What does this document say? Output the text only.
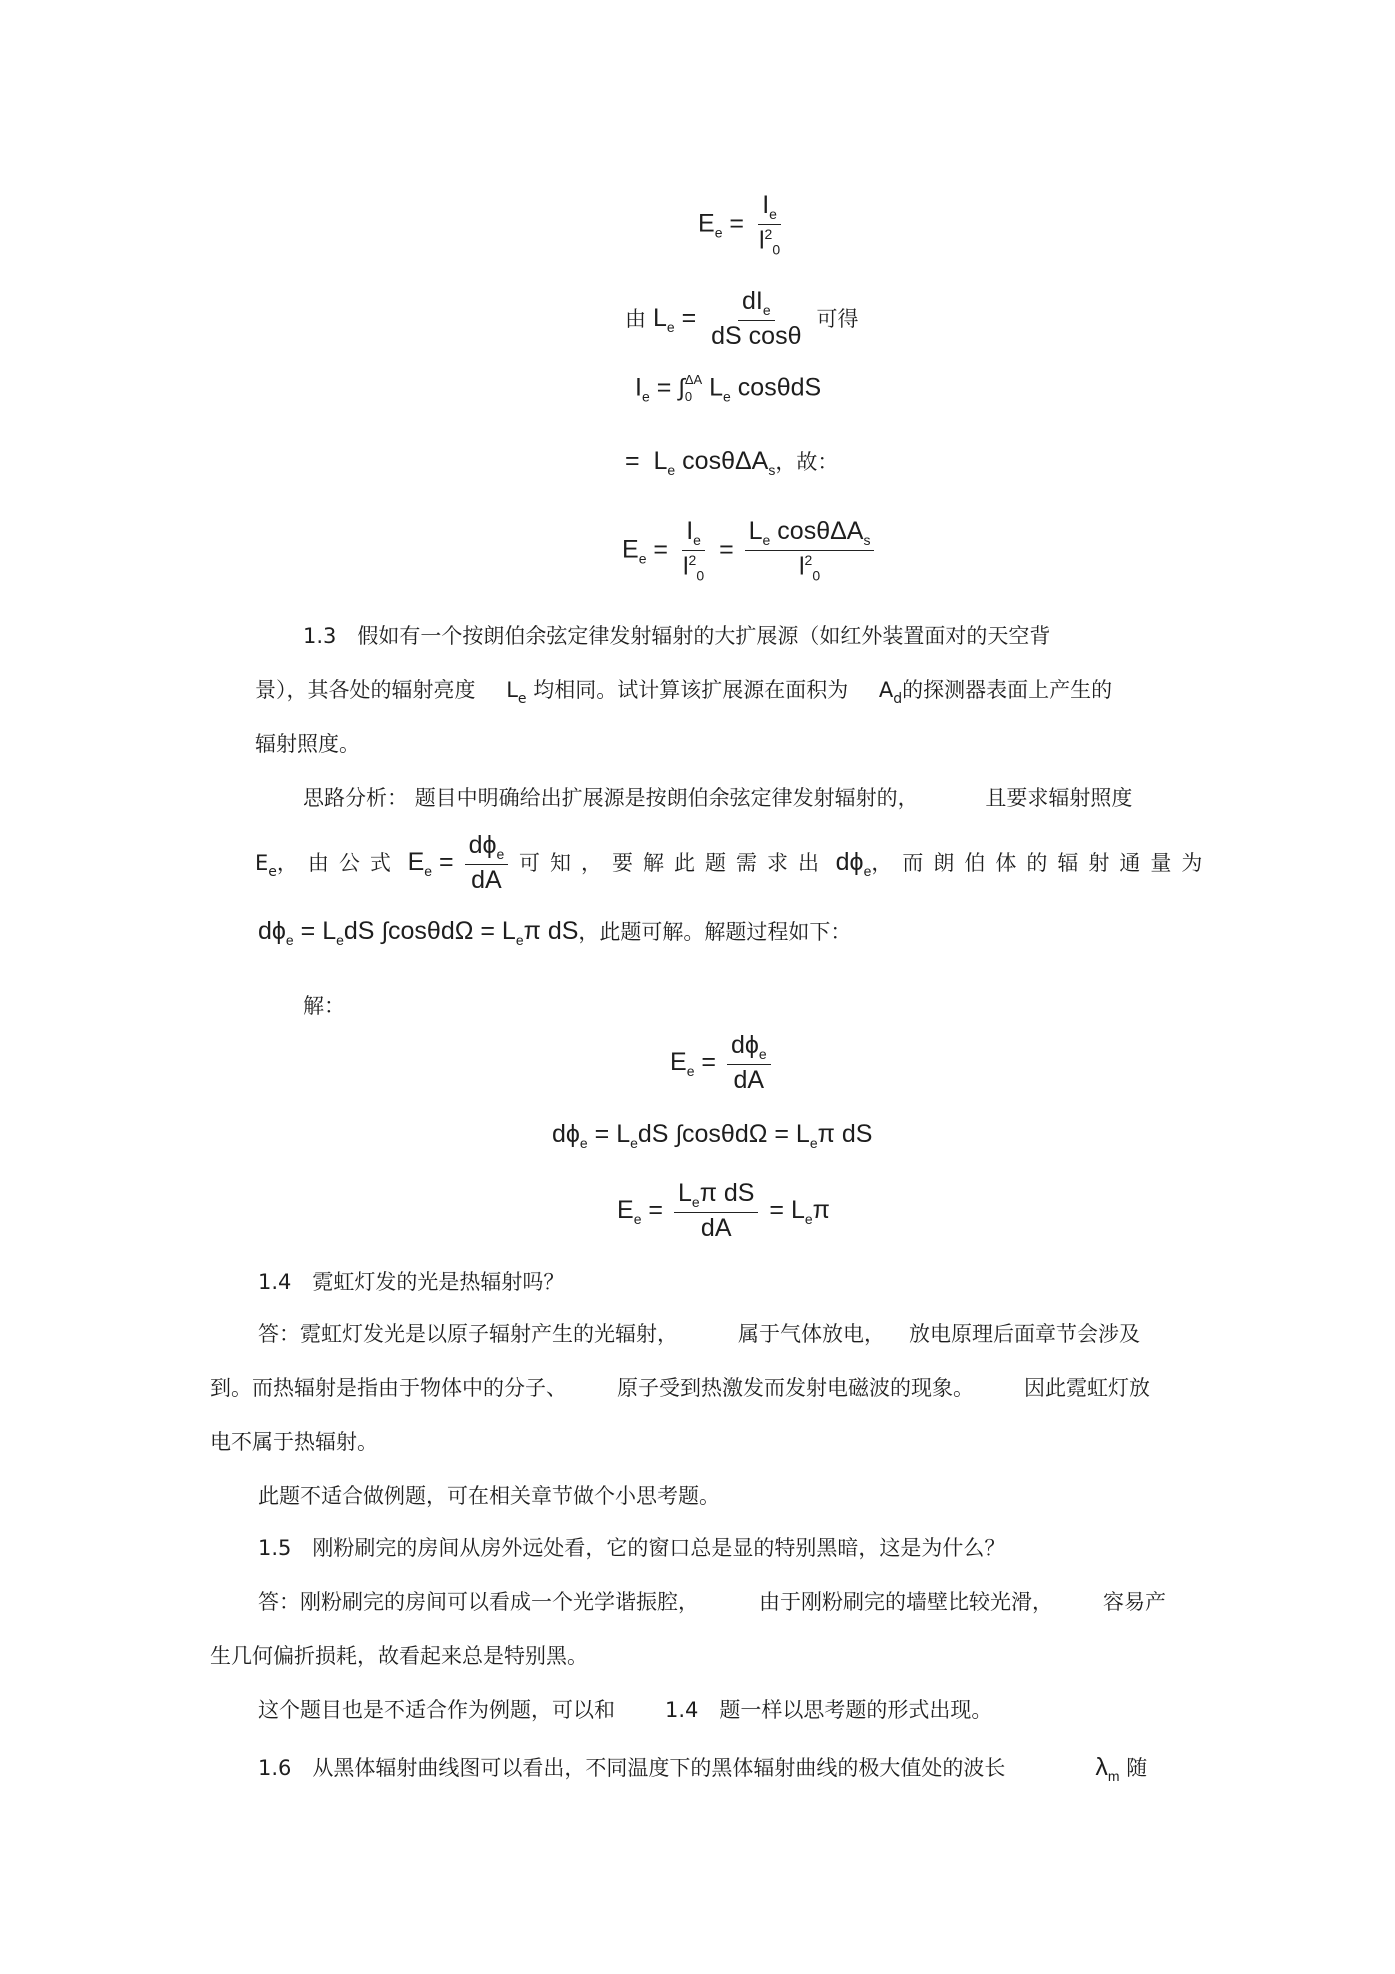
$E_e = \frac{I_e}{l^2_0}$
由 $L_e = \frac{dI_e}{\text{dS cosθ}}$ 可得
$I_e$ = ∫ ΔA
0 $L_e$ cosθdS
= $L_e$ cosθΔA$_s$，故：
$E_e = \frac{I_e}{l^2_0} = \frac{L_e \cos\theta\Delta A_s}{l^2_0}$
1.3　假如有一个按朗伯余弦定律发射辐射的大扩展源（如红外装置面对的天空背
景），其各处的辐射亮度 $L_e$ 均相同。试计算该扩展源在面积为 $A_d$的探测器表面上产生的
辐射照度。
思路分析： 题目中明确给出扩展源是按朗伯余弦定律发射辐射的，	且要求辐射照度
$E_e$，由公式 $E_e = \frac{d\phi_e}{dA}$ 可知，要解此题需求出 $d\phi_e$，而朗伯体的辐射通量为
$d\phi_e = L_edS$ $\int\cos\theta d\Omega = L_e\pi$ dS，此题可解。解题过程如下：
解：
$E_e = \frac{d\phi_e}{dA}$
$d\phi_e = L_edS$ $\int\cos\theta d\Omega = L_e\pi$ dS
$E_e = \frac{L_e\pi dS}{dA} = L_e\pi$
1.4　霓虹灯发的光是热辐射吗？
答：霓虹灯发光是以原子辐射产生的光辐射，	属于气体放电， 放电原理后面章节会涉及
到。而热辐射是指由于物体中的分子、 原子受到热激发而发射电磁波的现象。 因此霓虹灯放
电不属于热辐射。
此题不适合做例题，可在相关章节做个小思考题。
1.5　刚粉刷完的房间从房外远处看，它的窗口总是显的特别黑暗，这是为什么？
答：刚粉刷完的房间可以看成一个光学谐振腔，	由于刚粉刷完的墙壁比较光滑， 容易产
生几何偏折损耗，故看起来总是特别黑。
这个题目也是不适合作为例题，可以和 1.4　 题一样以思考题的形式出现。
1.6　从黑体辐射曲线图可以看出，不同温度下的黑体辐射曲线的极大值处的波长	$\lambda_m$ 随
